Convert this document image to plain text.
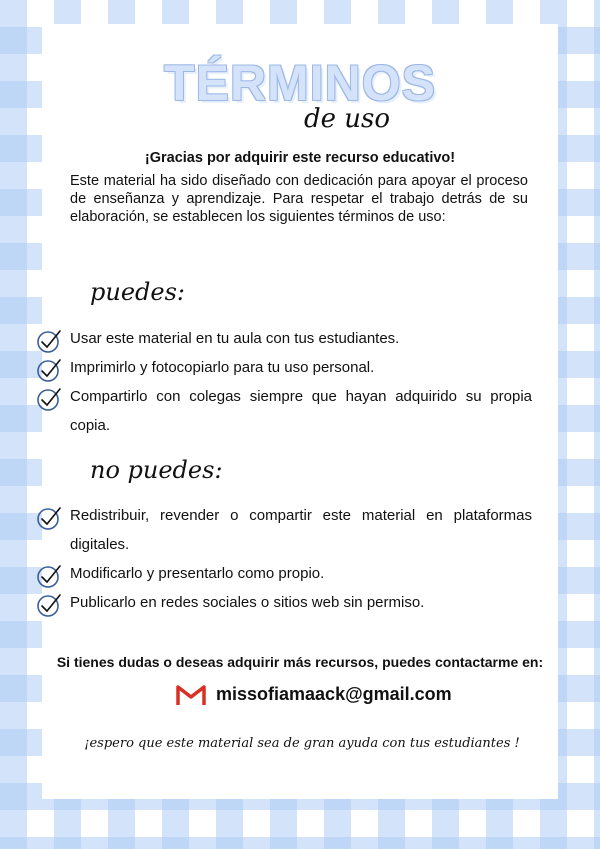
TÉRMINOS
de uso
¡Gracias por adquirir este recurso educativo!
Este material ha sido diseñado con dedicación para apoyar el proceso de enseñanza y aprendizaje. Para respetar el trabajo detrás de su elaboración, se establecen los siguientes términos de uso:
puedes:
Usar este material en tu aula con tus estudiantes.
Imprimirlo y fotocopiarlo para tu uso personal.
Compartirlo con colegas siempre que hayan adquirido su propia copia.
no puedes:
Redistribuir, revender o compartir este material en plataformas digitales.
Modificarlo y presentarlo como propio.
Publicarlo en redes sociales o sitios web sin permiso.
Si tienes dudas o deseas adquirir más recursos, puedes contactarme en:
missofiamaack@gmail.com
¡espero que este material sea de gran ayuda con tus estudiantes !
